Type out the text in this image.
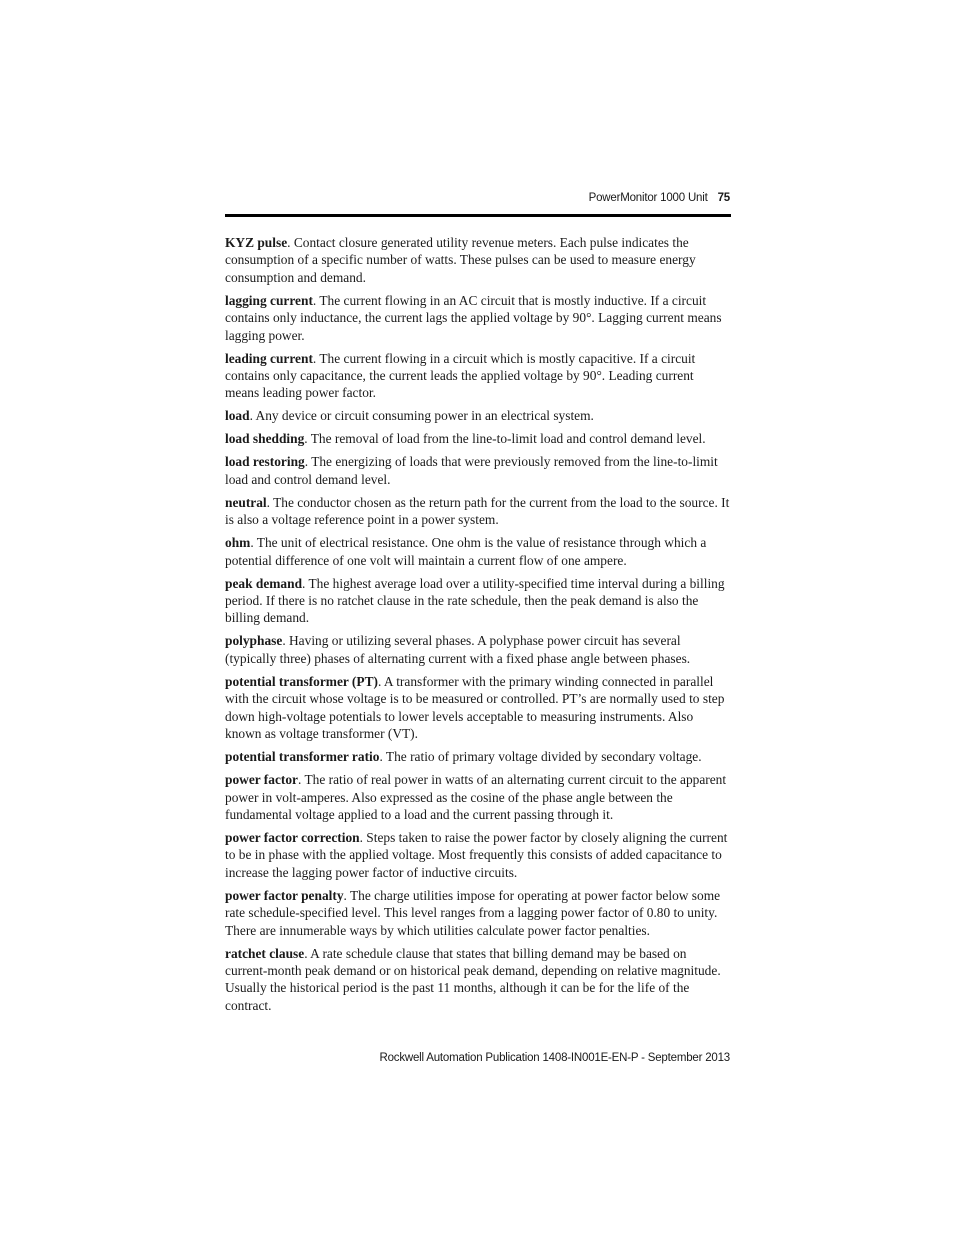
PowerMonitor 1000 Unit 75

KYZ pulse. Contact closure generated utility revenue meters. Each pulse indicates the consumption of a specific number of watts. These pulses can be used to measure energy consumption and demand.

lagging current. The current flowing in an AC circuit that is mostly inductive. If a circuit contains only inductance, the current lags the applied voltage by 90°. Lagging current means lagging power.

leading current. The current flowing in a circuit which is mostly capacitive. If a circuit contains only capacitance, the current leads the applied voltage by 90°. Leading current means leading power factor.

load. Any device or circuit consuming power in an electrical system.

load shedding. The removal of load from the line-to-limit load and control demand level.

load restoring. The energizing of loads that were previously removed from the line-to-limit load and control demand level.

neutral. The conductor chosen as the return path for the current from the load to the source. It is also a voltage reference point in a power system.

ohm. The unit of electrical resistance. One ohm is the value of resistance through which a potential difference of one volt will maintain a current flow of one ampere.

peak demand. The highest average load over a utility-specified time interval during a billing period. If there is no ratchet clause in the rate schedule, then the peak demand is also the billing demand.

polyphase. Having or utilizing several phases. A polyphase power circuit has several (typically three) phases of alternating current with a fixed phase angle between phases.

potential transformer (PT). A transformer with the primary winding connected in parallel with the circuit whose voltage is to be measured or controlled. PT’s are normally used to step down high-voltage potentials to lower levels acceptable to measuring instruments. Also known as voltage transformer (VT).

potential transformer ratio. The ratio of primary voltage divided by secondary voltage.

power factor. The ratio of real power in watts of an alternating current circuit to the apparent power in volt-amperes. Also expressed as the cosine of the phase angle between the fundamental voltage applied to a load and the current passing through it.

power factor correction. Steps taken to raise the power factor by closely aligning the current to be in phase with the applied voltage. Most frequently this consists of added capacitance to increase the lagging power factor of inductive circuits.

power factor penalty. The charge utilities impose for operating at power factor below some rate schedule-specified level. This level ranges from a lagging power factor of 0.80 to unity. There are innumerable ways by which utilities calculate power factor penalties.

ratchet clause. A rate schedule clause that states that billing demand may be based on current-month peak demand or on historical peak demand, depending on relative magnitude. Usually the historical period is the past 11 months, although it can be for the life of the contract.

Rockwell Automation Publication 1408-IN001E-EN-P - September 2013
